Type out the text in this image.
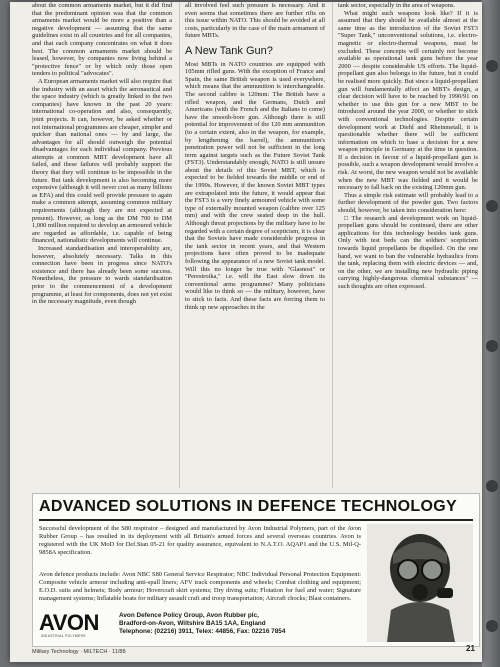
about the common armaments market, but it did find that the predominant opinion was that the common armaments market would be more a positive than a negative development — assuming that the same guidelines exist in all countries and for all companies, and that each company concentrates on what it does best. The common armaments market should be leased, however, by companies now living behind a "protective fence" or by which only those open tenders to political "advocates".

A European armaments market will also require that the industry with an asset which the aeronautical and the space industry (which is greatly linked to the two companies) have known in the past 20 years: international co-operation and also, consequently, joint projects. It can, however, be asked whether or not international programmes are cheaper, simpler and quicker than national ones — by and large, the advantages for all should outweigh the potential disadvantages for each individual company. Previous attempts at common MBT development have all failed, and these failures will probably support the theory that they will continue to be impossible in the future. But tank development is also becoming more expensive (although it will never cost as many billions as EFA) and this could well provide pressure to again make a common attempt, assuming common military requirements (although they are not expected at present). However, as long as the DM 700 to DM 1,000 million required to develop an armoured vehicle are regarded as affordable, i.e. capable of being financed, nationalistic developments will continue.

Increased standardisation and interoperability are, however, absolutely necessary. Talks in this connection have been in progress since NATO's existence and there has already been some success. Nonetheless, the pressure to wards standardisation prior to the commencement of a development programme, at least for components, does not yet exist in the necessary magnitude, even though

all involved feel such pressure is necessary. And it even seems that sometimes there are further rifts on this issue within NATO. This should be avoided at all costs, particularly in the case of the main armament of future MBTs.

A New Tank Gun?

Most MBTs in NATO countries are equipped with 105mm rifled guns. With the exception of France and Spain, the same British weapon is used everywhere, which means that the ammunition is interchangeable. The second calibre is 120mm: The British have a rifled weapon, and the Germans, Dutch and Americans (with the French and the Italians to come) have the smooth-bore gun. Although there is still potential for improvement of the 120 mm ammunition (to a certain extent, also in the weapon, for example, by lengthening the barrel), the ammunition's penetration power will not be sufficient in the long term against targets such as the Future Soviet Tank (FST3). Understandably enough, NATO is still unsure about the details of this Soviet MBT, which is expected to be fielded towards the middle or end of the 1990s. However, if the known Soviet MBT types are extrapolated into the future, it would appear that the FST3 is a very finely armoured vehicle with some type of externally mounted weapon (calibre over 125 mm) and with the crew seated deep in the hull. Although threat projections by the military have to be regarded with a certain degree of scepticism, it is clear that the Soviets have made considerable progress in the tank sector in recent years, and that Western projections have often proved to be inadequate following the appearance of a new Soviet tank model. Will this no longer be true with "Glasnost" or "Perestroika," i.e. will the East slow down its conventional arms programme? Many politicians would like to think so — the military, however, have to stick to facts. And these facts are forcing them to think up new approaches in the

tank sector, especially in the area of weapons.

What might such weapons look like? If it is assumed that they should be available almost at the same time as the introduction of the Soviet FST3 "Super Tank," unconventional solutions, i.e. electro-magnetic or electro-thermal weapons, must be excluded. These concepts will certainly not become available as operational tank guns before the year 2000 — despite considerable US efforts. The liquid-propellant gun also belongs to the future, but it could be realised more quickly. But since a liquid-propellant gun will fundamentally affect an MBT's design, a clear decision will have to be reached by 1990/91 on whether to use this gun for a new MBT to be introduced around the year 2000, or whether to stick with conventional technologies. Despite certain development work at Diehl and Rheinmetall, it is questionable whether there will be sufficient information on which to base a decision for a new weapon principle in Germany at the time in question. If a decision in favour of a liquid-propellant gun is possible, such a weapon development would involve a risk. At worst, the new weapon would not be available when the new MBT was fielded and it would be necessary to fall back on the existing 120mm gun.

Thus a simple risk estimate will probably lead to a further development of the powder gun. Two factors should, however, be taken into consideration here:

□ The research and development work on liquid-propellant guns should be continued, there are other applications for this technology besides tank guns. Only with test beds can the soldiers' scepticism towards liquid propellants be dispelled. On the one hand, we want to ban the vulnerable hydraulics from the tank, replacing them with electric devices — and, on the other, we are installing new hydraulic piping carrying highly-dangerous chemical substances" — such thoughts are often expressed.

ADVANCED SOLUTIONS IN DEFENCE TECHNOLOGY
Successful development of the S80 respirator – designed and manufactured by Avon Industrial Polymers, part of the Avon Rubber Group – has resulted in its deployment with all Britain's armed forces and several overseas countries. Avon is registered with the UK MoD for Def.Stan 05-21 for quality assurance, equivalent to N.A.T.O. AQAP1 and the U.S. Mil-Q-9858A specification.
Avon defence products include: Avon NBC S80 General Service Respirator; NBC Individual Personal Protection Equipment: Composite vehicle armour including anti-spall liners; AFV track components and wheels; Combat clothing and equipment; E.O.D. suits and helmets; Body armour; Hovercraft skirt systems; Dry diving suits; Flotation for fuel and water; Signature management systems; Inflatable boats for military assault craft and troop transportation; Aircraft chocks; Blast containers.
AVON
INDUSTRIAL POLYMERS
Avon Defence Policy Group, Avon Rubber plc,
Bradford-on-Avon, Wiltshire BA15 1AA, England
Telephone: (02216) 3911, Telex: 44856, Fax: 02216 7854
Military Technology · MILTECH · 11/88	21
